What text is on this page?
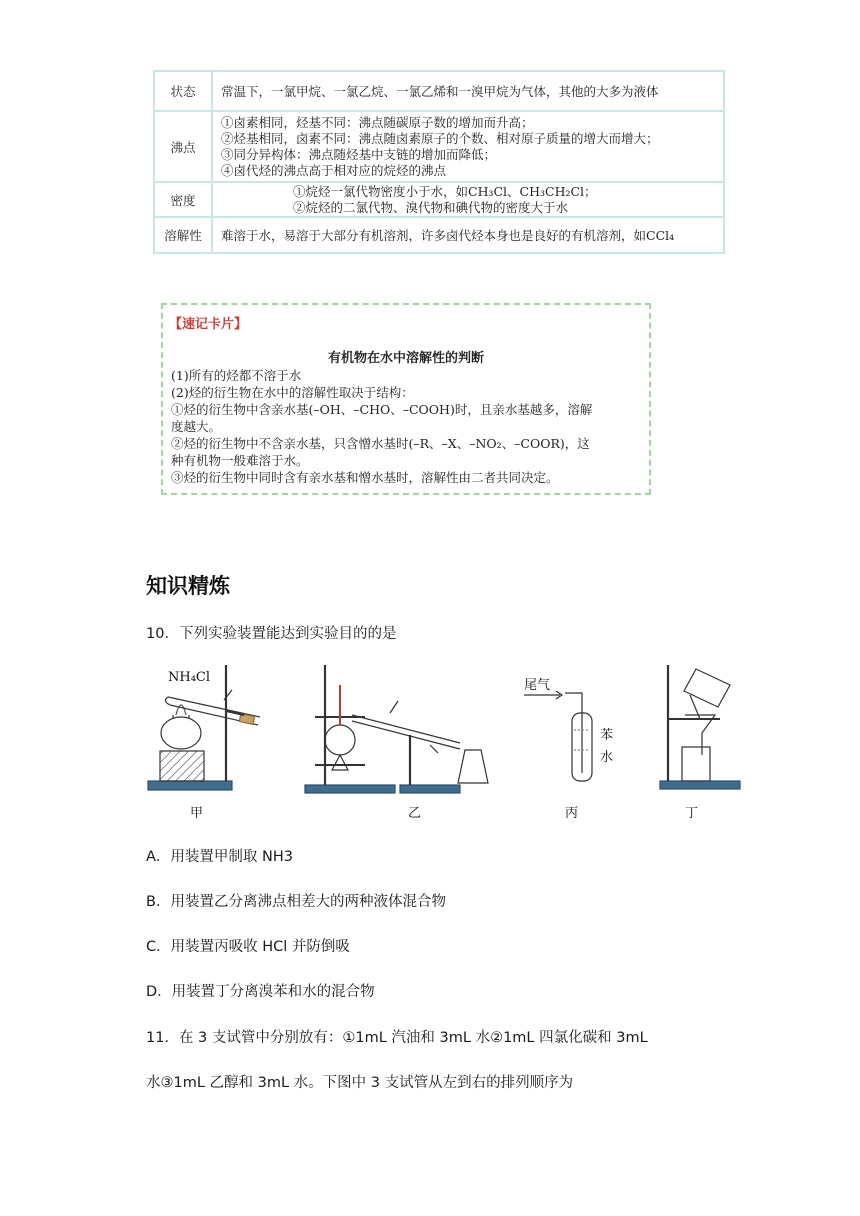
状态	常温下，一氯甲烷、一氯乙烷、一氯乙烯和一溴甲烷为气体，其他的大多为液体
沸点	①卤素相同，烃基不同：沸点随碳原子数的增加而升高；
②烃基相同，卤素不同：沸点随卤素原子的个数、相对原子质量的增大而增大；
③同分异构体：沸点随烃基中支链的增加而降低；
④卤代烃的沸点高于相对应的烷烃的沸点

密度	①烷烃一氯代物密度小于水，如CH₃Cl、CH₃CH₂Cl；
②烷烃的二氯代物、溴代物和碘代物的密度大于水

溶解性	难溶于水，易溶于大部分有机溶剂，许多卤代烃本身也是良好的有机溶剂，如CCl₄
【速记卡片】
有机物在水中溶解性的判断
(1)所有的烃都不溶于水
(2)烃的衍生物在水中的溶解性取决于结构：
①烃的衍生物中含亲水基(–OH、–CHO、–COOH)时，且亲水基越多，溶解
度越大。
②烃的衍生物中不含亲水基，只含憎水基时(–R、–X、–NO₂、–COOR)，这
种有机物一般难溶于水。
③烃的衍生物中同时含有亲水基和憎水基时，溶解性由二者共同决定。
知识精炼
10．下列实验装置能达到实验目的的是
NH₄Cl
甲	乙
尾气
苯
水
丙	丁
A．用装置甲制取 NH3
B．用装置乙分离沸点相差大的两种液体混合物
C．用装置丙吸收 HCl 并防倒吸
D．用装置丁分离溴苯和水的混合物
11．在 3 支试管中分别放有：①1mL 汽油和 3mL 水②1mL 四氯化碳和 3mL
水③1mL 乙醇和 3mL 水。下图中 3 支试管从左到右的排列顺序为
